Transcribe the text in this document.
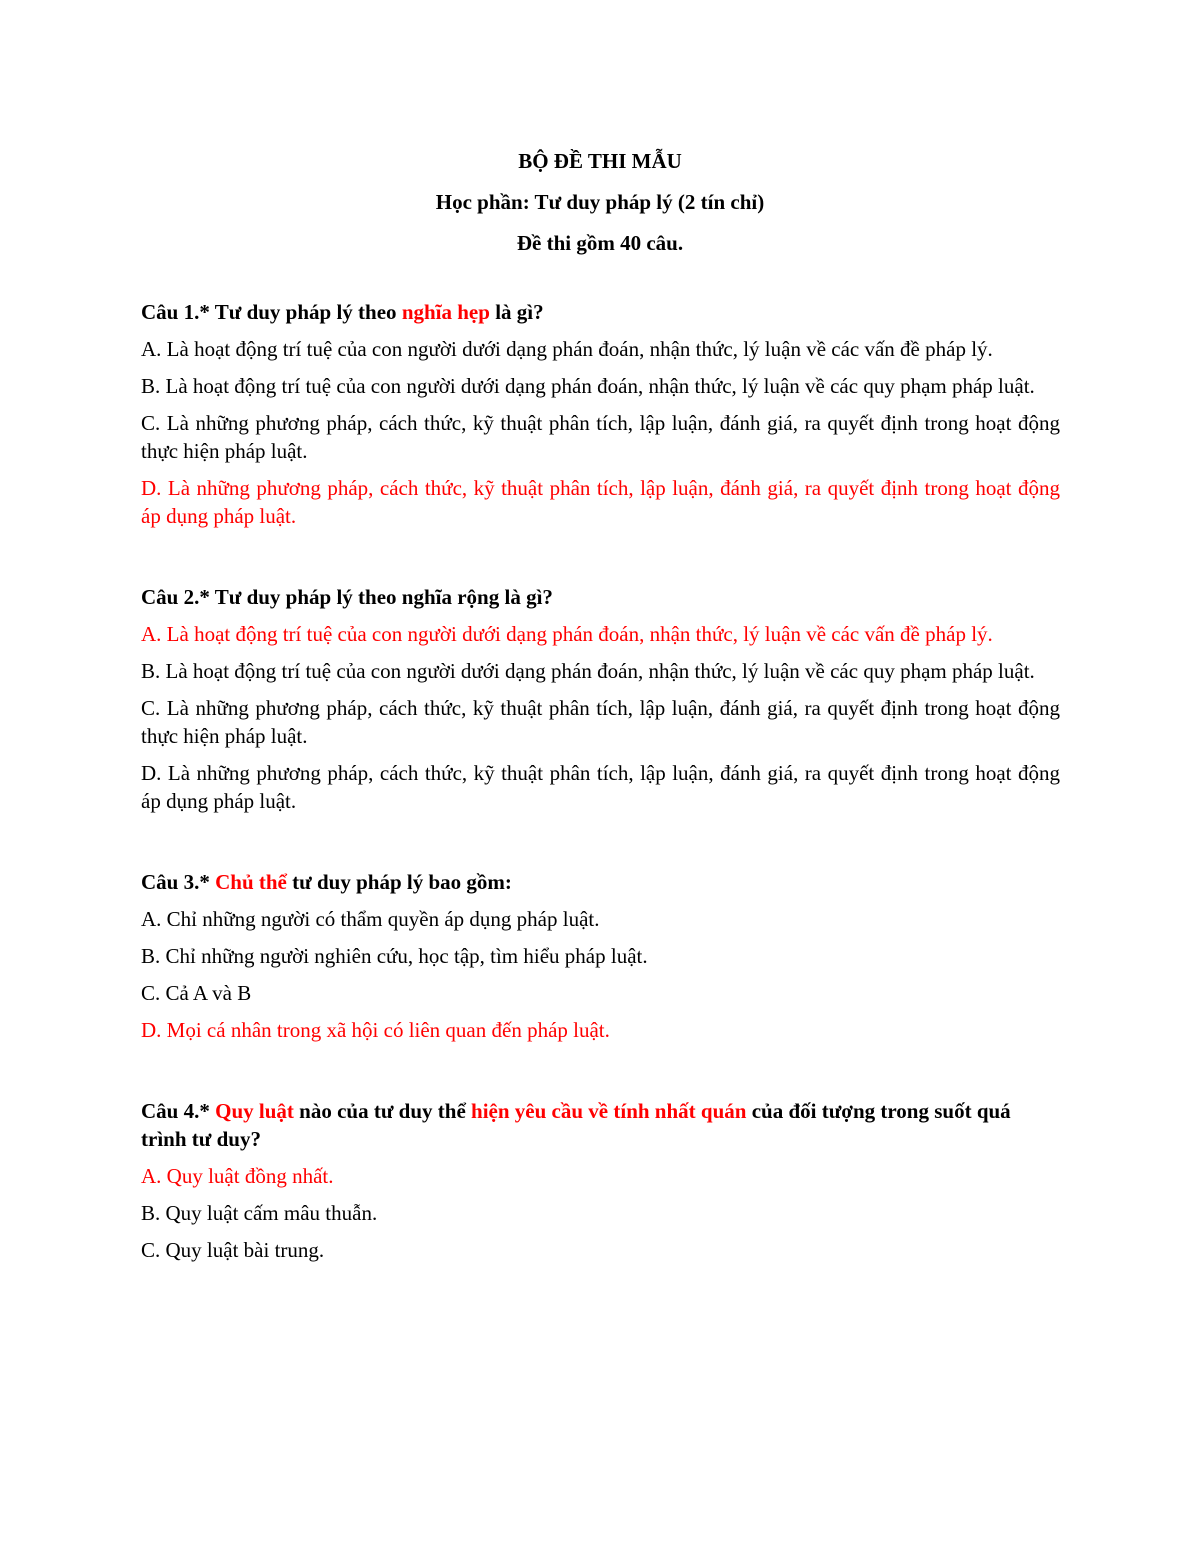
BỘ ĐỀ THI MẪU
Học phần: Tư duy pháp lý (2 tín chỉ)
Đề thi gồm 40 câu.

Câu 1.* Tư duy pháp lý theo nghĩa hẹp là gì?

A. Là hoạt động trí tuệ của con người dưới dạng phán đoán, nhận thức, lý luận về các vấn đề pháp lý.

B. Là hoạt động trí tuệ của con người dưới dạng phán đoán, nhận thức, lý luận về các quy phạm pháp luật.

C. Là những phương pháp, cách thức, kỹ thuật phân tích, lập luận, đánh giá, ra quyết định trong hoạt động thực hiện pháp luật.

D. Là những phương pháp, cách thức, kỹ thuật phân tích, lập luận, đánh giá, ra quyết định trong hoạt động áp dụng pháp luật.

Câu 2.* Tư duy pháp lý theo nghĩa rộng là gì?

A. Là hoạt động trí tuệ của con người dưới dạng phán đoán, nhận thức, lý luận về các vấn đề pháp lý.

B. Là hoạt động trí tuệ của con người dưới dạng phán đoán, nhận thức, lý luận về các quy phạm pháp luật.

C. Là những phương pháp, cách thức, kỹ thuật phân tích, lập luận, đánh giá, ra quyết định trong hoạt động thực hiện pháp luật.

D. Là những phương pháp, cách thức, kỹ thuật phân tích, lập luận, đánh giá, ra quyết định trong hoạt động áp dụng pháp luật.

Câu 3.* Chủ thể tư duy pháp lý bao gồm:

A. Chỉ những người có thẩm quyền áp dụng pháp luật.

B. Chỉ những người nghiên cứu, học tập, tìm hiểu pháp luật.

C. Cả A và B

D. Mọi cá nhân trong xã hội có liên quan đến pháp luật.

Câu 4.* Quy luật nào của tư duy thể hiện yêu cầu về tính nhất quán của đối tượng trong suốt quá trình tư duy?

A. Quy luật đồng nhất.

B. Quy luật cấm mâu thuẫn.

C. Quy luật bài trung.
